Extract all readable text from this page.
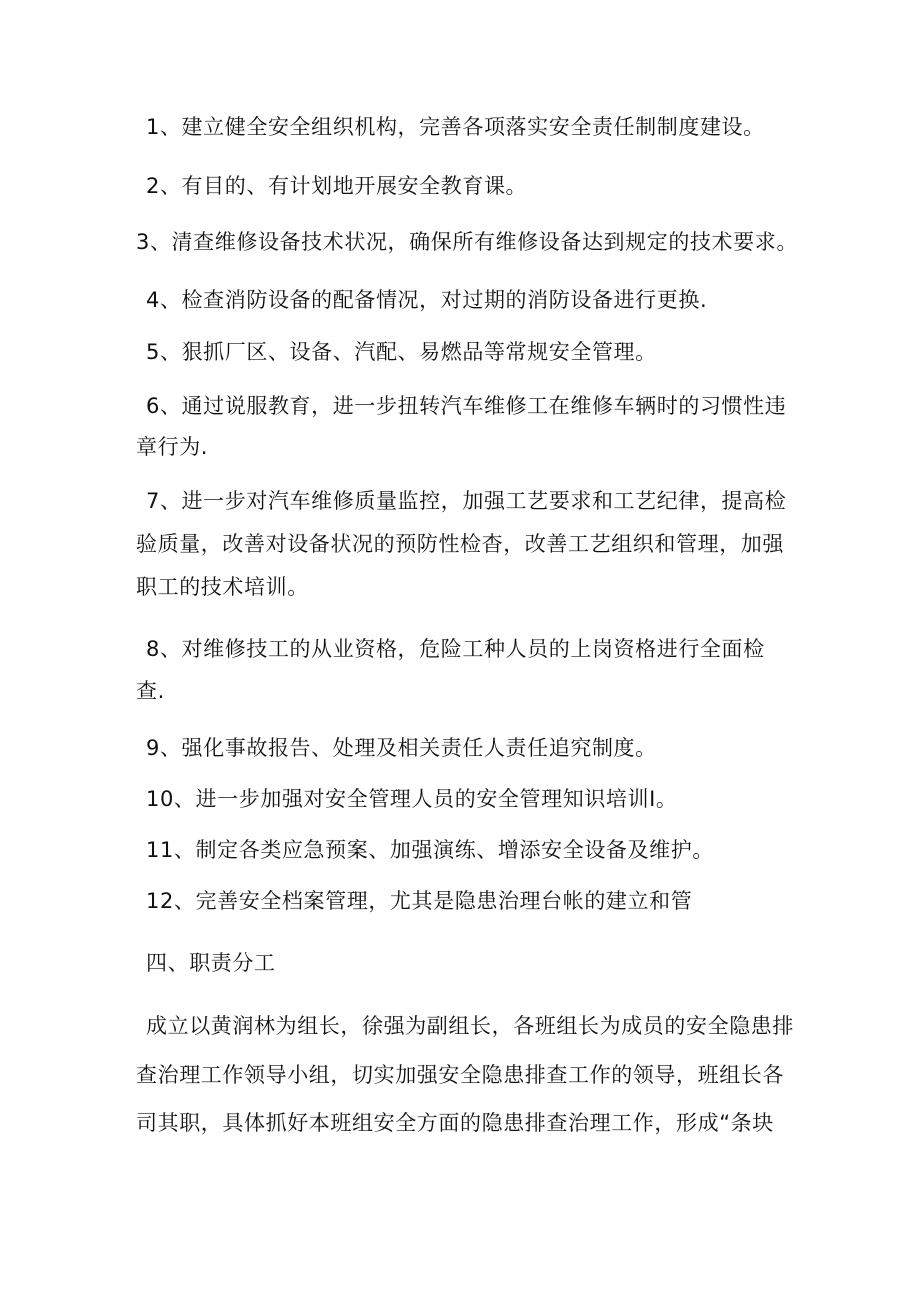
1、建立健全安全组织机构，完善各项落实安全责任制制度建设。
2、有目的、有计划地开展安全教育课。
3、清查维修设备技术状况，确保所有维修设备达到规定的技术要求。
4、检查消防设备的配备情况，对过期的消防设备进行更换.
5、狠抓厂区、设备、汽配、易燃品等常规安全管理。
6、通过说服教育，进一步扭转汽车维修工在维修车辆时的习惯性违
章行为.
7、进一步对汽车维修质量监控，加强工艺要求和工艺纪律，提高检
验质量，改善对设备状况的预防性检杳，改善工艺组织和管理，加强
职工的技术培训。
8、对维修技工的从业资格，危险工种人员的上岗资格进行全面检
查.
9、强化事故报告、处理及相关责任人责任追究制度。
10、进一步加强对安全管理人员的安全管理知识培训I。
11、制定各类应急预案、加强演练、增添安全设备及维护。
12、完善安全档案管理，尤其是隐患治理台帐的建立和管
四、职责分工
成立以黄润林为组长，徐强为副组长，各班组长为成员的安全隐患排
查治理工作领导小组，切实加强安全隐患排查工作的领导，班组长各
司其职，具体抓好本班组安全方面的隐患排查治理工作，形成“条块
